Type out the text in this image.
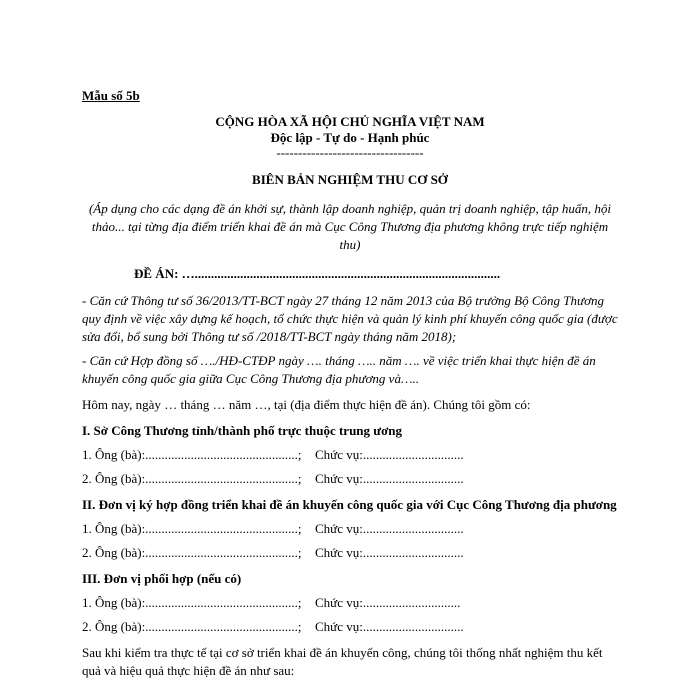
Mẫu số 5b
CỘNG HÒA XÃ HỘI CHỦ NGHĨA VIỆT NAM
Độc lập - Tự do - Hạnh phúc
----------------------------------
BIÊN BẢN NGHIỆM THU CƠ SỞ
(Áp dụng cho các dạng đề án khởi sự, thành lập doanh nghiệp, quản trị doanh nghiệp, tập huấn, hội thảo... tại từng địa điểm triển khai đề án mà Cục Công Thương địa phương không trực tiếp nghiệm thu)
ĐỀ ÁN: …..............................................................................................
- Căn cứ Thông tư số 36/2013/TT-BCT ngày 27 tháng 12 năm 2013 của Bộ trưởng Bộ Công Thương quy định về việc xây dựng kế hoạch, tổ chức thực hiện và quản lý kinh phí khuyến công quốc gia (được sửa đổi, bổ sung bởi Thông tư số /2018/TT-BCT ngày tháng năm 2018);
- Căn cứ Hợp đồng số …./HĐ-CTĐP ngày …. tháng ….. năm …. về việc triển khai thực hiện đề án khuyến công quốc gia giữa Cục Công Thương địa phương và…..
Hôm nay, ngày … tháng … năm …, tại (địa điểm thực hiện đề án). Chúng tôi gồm có:
I. Sở Công Thương tỉnh/thành phố trực thuộc trung ương
1. Ông (bà):...............................................; Chức vụ:...............................
2. Ông (bà):...............................................; Chức vụ:...............................
II. Đơn vị ký hợp đồng triển khai đề án khuyến công quốc gia với Cục Công Thương địa phương
1. Ông (bà):...............................................; Chức vụ:...............................
2. Ông (bà):...............................................; Chức vụ:...............................
III. Đơn vị phối hợp (nếu có)
1. Ông (bà):...............................................; Chức vụ:..............................
2. Ông (bà):...............................................; Chức vụ:...............................
Sau khi kiểm tra thực tế tại cơ sở triển khai đề án khuyến công, chúng tôi thống nhất nghiệm thu kết quả và hiệu quả thực hiện đề án như sau:
